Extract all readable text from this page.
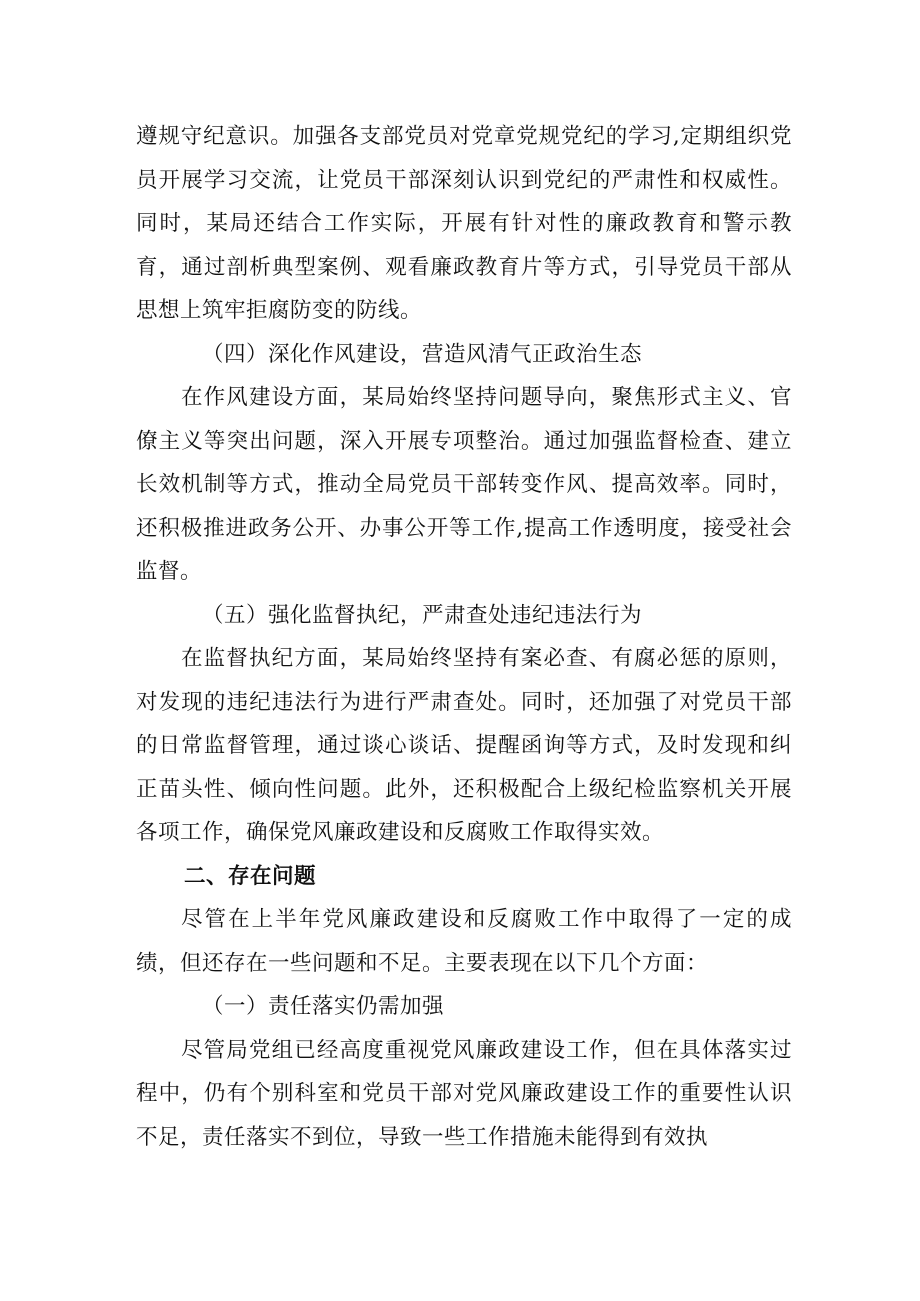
遵规守纪意识。加强各支部党员对党章党规党纪的学习,定期组织党员开展学习交流，让党员干部深刻认识到党纪的严肃性和权威性。同时，某局还结合工作实际，开展有针对性的廉政教育和警示教育，通过剖析典型案例、观看廉政教育片等方式，引导党员干部从思想上筑牢拒腐防变的防线。

（四）深化作风建设，营造风清气正政治生态

在作风建设方面，某局始终坚持问题导向，聚焦形式主义、官僚主义等突出问题，深入开展专项整治。通过加强监督检查、建立长效机制等方式，推动全局党员干部转变作风、提高效率。同时，还积极推进政务公开、办事公开等工作,提高工作透明度，接受社会监督。

（五）强化监督执纪，严肃查处违纪违法行为

在监督执纪方面，某局始终坚持有案必查、有腐必惩的原则，对发现的违纪违法行为进行严肃查处。同时，还加强了对党员干部的日常监督管理，通过谈心谈话、提醒函询等方式，及时发现和纠正苗头性、倾向性问题。此外，还积极配合上级纪检监察机关开展各项工作，确保党风廉政建设和反腐败工作取得实效。

二、存在问题

尽管在上半年党风廉政建设和反腐败工作中取得了一定的成绩，但还存在一些问题和不足。主要表现在以下几个方面：

（一）责任落实仍需加强

尽管局党组已经高度重视党风廉政建设工作，但在具体落实过程中，仍有个别科室和党员干部对党风廉政建设工作的重要性认识不足，责任落实不到位，导致一些工作措施未能得到有效执
